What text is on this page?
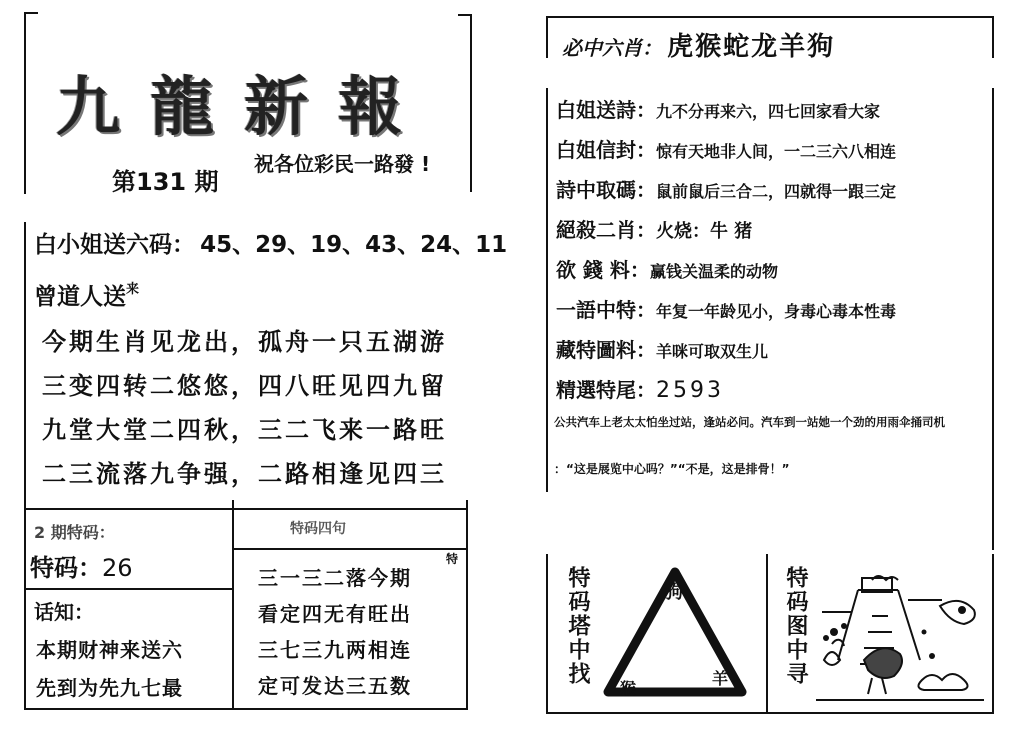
九龍新報
第131 期
祝各位彩民一路發 !
白小姐送六码： 45、29、19、43、24、11
曾道人送$^来$
今期生肖见龙出，孤舟一只五湖游
三变四转二悠悠，四八旺见四九留
九堂大堂二四秋，三二飞来一路旺
二三流落九争强，二路相逢见四三
2 期特码：
特码：26
话知：
本期财神来送六
先到为先九七最
特码四句
三一三二落今期
看定四无有旺出
三七三九两相连
定可发达三五数
必中六肖： 虎猴蛇龙羊狗
白姐送詩：九不分再来六，四七回家看大家
白姐信封：惊有天地非人间，一二三六八相连
詩中取碼：鼠前鼠后三合二，四就得一跟三定
絕殺二肖：火烧：牛 猪
欲 錢 料：赢钱关温柔的动物
一語中特：年复一年龄见小，身毒心毒本性毒
藏特圖料：羊咪可取双生儿
精選特尾：2593
公共汽车上老太太怕坐过站，逢站必问。汽车到一站她一个劲的用雨伞捅司机
：“这是展览中心吗？”“不是，这是排骨！”
特
特码塔中找	狗
猴
羊 特码图中寻
